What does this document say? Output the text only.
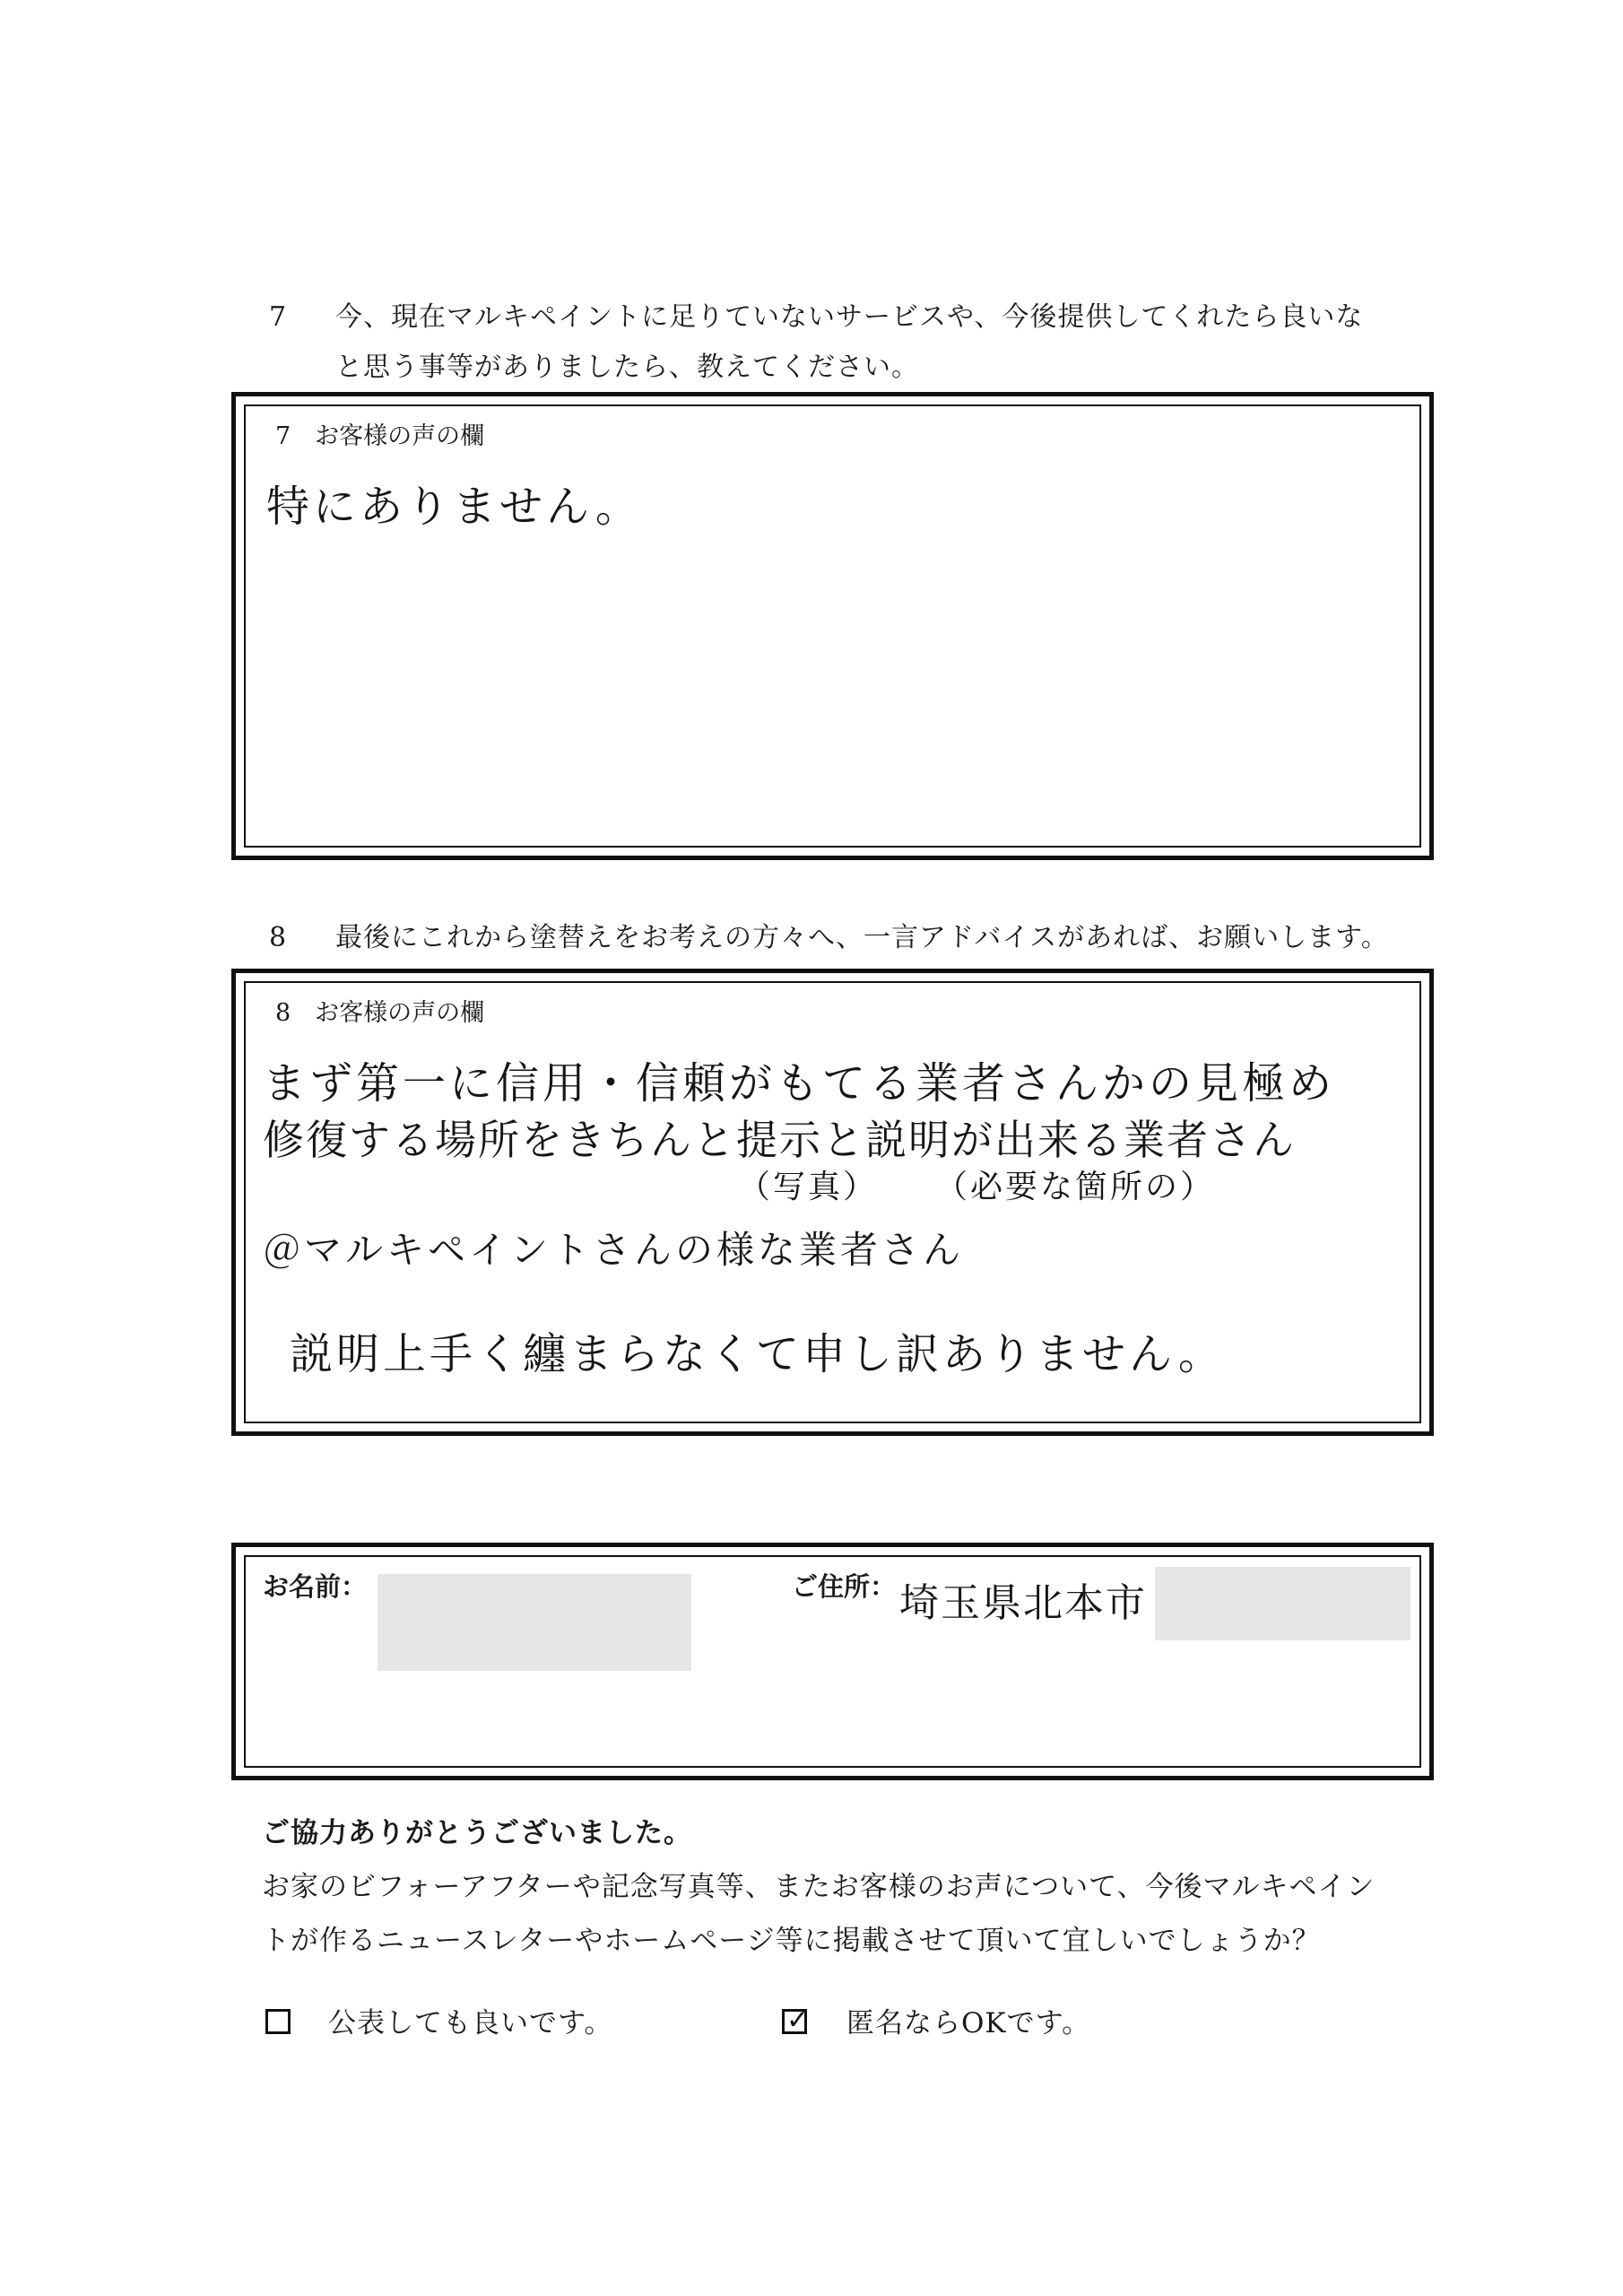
7 今、現在マルキペイントに足りていないサービスや、今後提供してくれたら良いな
と思う事等がありましたら、教えてください。
7　お客様の声の欄
特にありません。
8 最後にこれから塗替えをお考えの方々へ、一言アドバイスがあれば、お願いします。
8　お客様の声の欄
まず第一に信用・信頼がもてる業者さんかの見極め
修復する場所をきちんと提示と説明が出来る業者さん
（写真） （必要な箇所の）
＠マルキペイントさんの様な業者さん
説明上手く纏まらなくて申し訳ありません。
お名前：	ご住所： 埼玉県北本市
ご協力ありがとうございました。
お家のビフォーアフターや記念写真等、またお客様のお声について、今後マルキペイン
トが作るニュースレターやホームページ等に掲載させて頂いて宜しいでしょうか？
公表しても良いです。	✓ 匿名ならOKです。
